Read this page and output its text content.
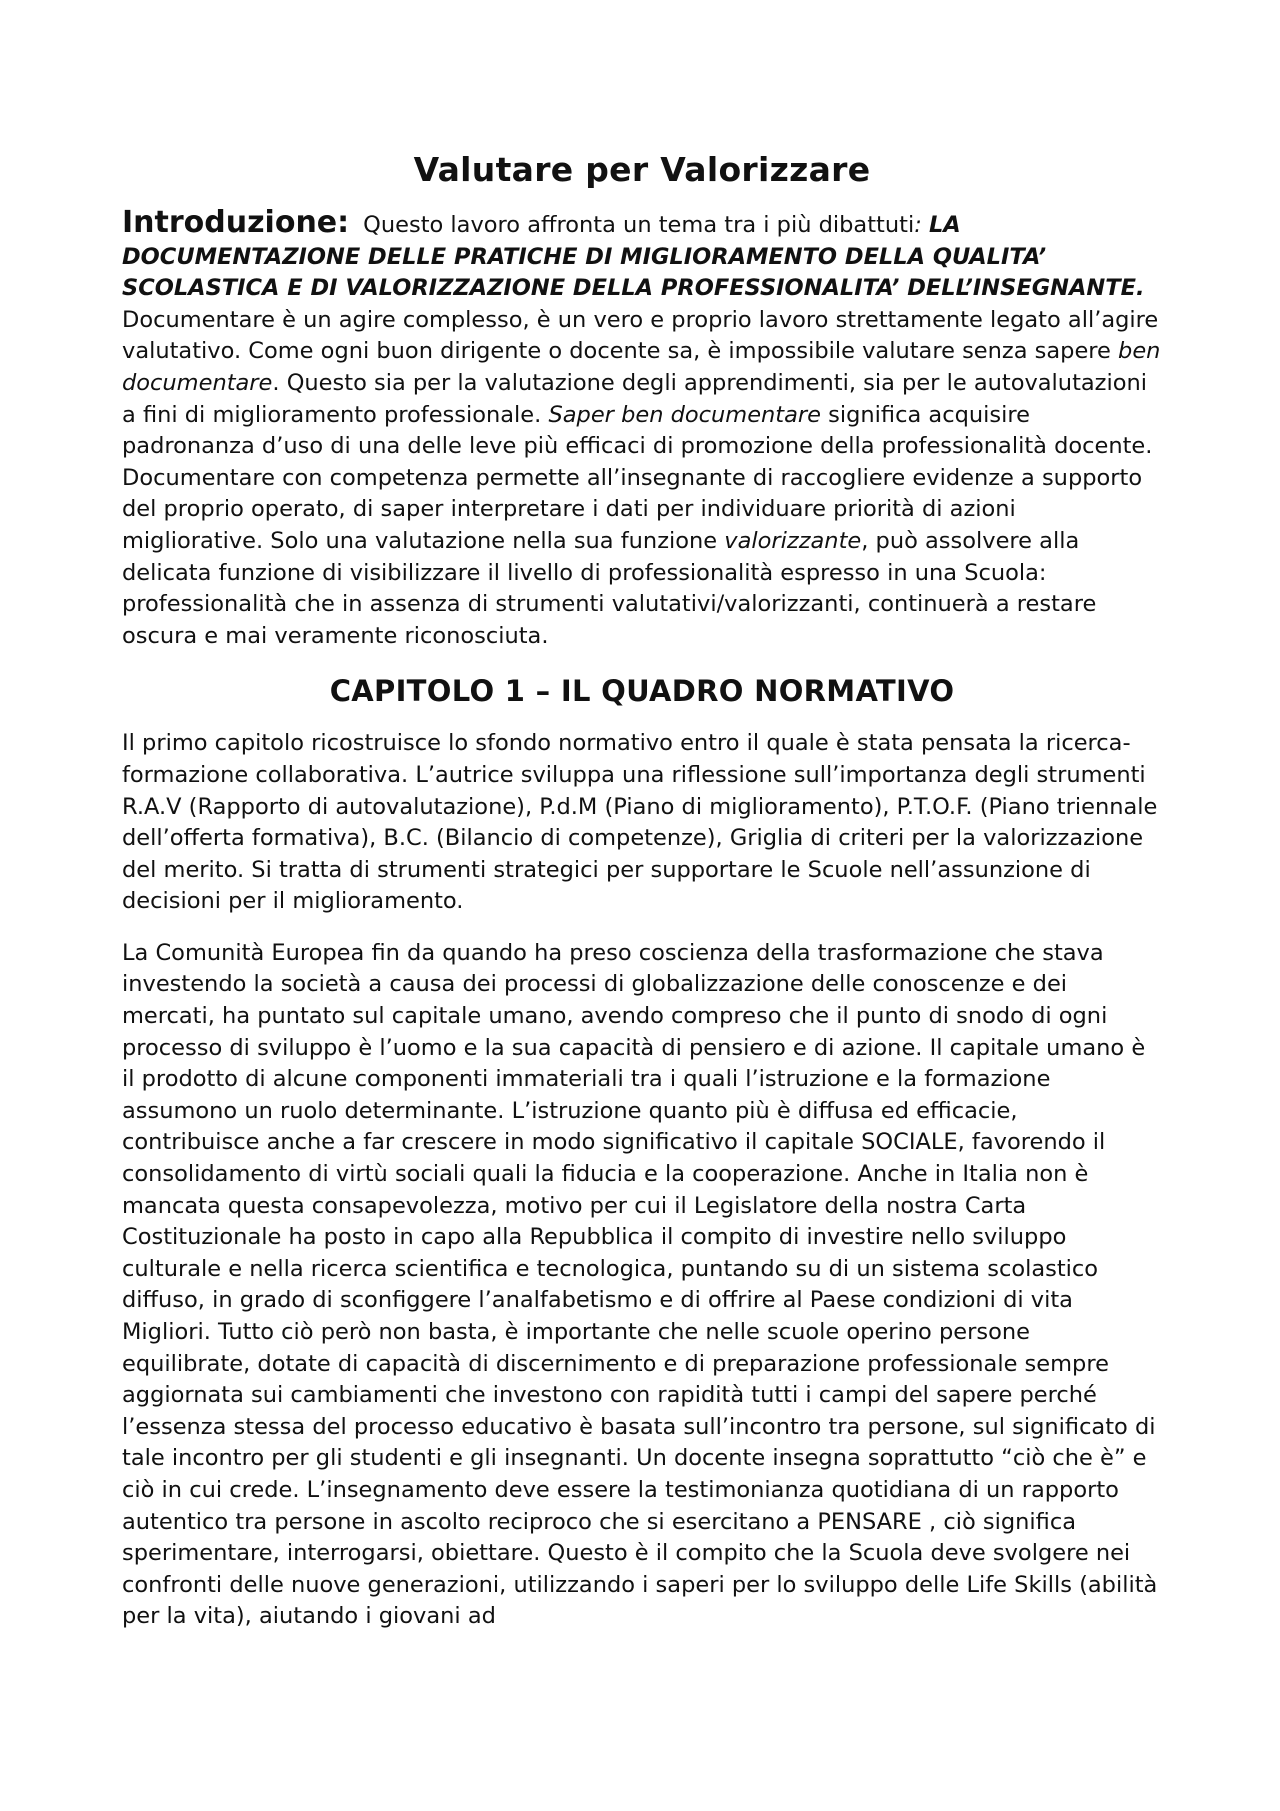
Valutare per Valorizzare

Introduzione: Questo lavoro affronta un tema tra i più dibattuti: LA DOCUMENTAZIONE DELLE PRATICHE DI MIGLIORAMENTO DELLA QUALITA’ SCOLASTICA E DI VALORIZZAZIONE DELLA PROFESSIONALITA’ DELL’INSEGNANTE. Documentare è un agire complesso, è un vero e proprio lavoro strettamente legato all’agire valutativo. Come ogni buon dirigente o docente sa, è impossibile valutare senza sapere ben documentare. Questo sia per la valutazione degli apprendimenti, sia per le autovalutazioni a fini di miglioramento professionale. Saper ben documentare significa acquisire padronanza d’uso di una delle leve più efficaci di promozione della professionalità docente. Documentare con competenza permette all’insegnante di raccogliere evidenze a supporto del proprio operato, di saper interpretare i dati per individuare priorità di azioni migliorative. Solo una valutazione nella sua funzione valorizzante, può assolvere alla delicata funzione di visibilizzare il livello di professionalità espresso in una Scuola: professionalità che in assenza di strumenti valutativi/valorizzanti, continuerà a restare oscura e mai veramente riconosciuta.

CAPITOLO 1 – IL QUADRO NORMATIVO

Il primo capitolo ricostruisce lo sfondo normativo entro il quale è stata pensata la ricerca-formazione collaborativa. L’autrice sviluppa una riflessione sull’importanza degli strumenti R.A.V (Rapporto di autovalutazione), P.d.M (Piano di miglioramento), P.T.O.F. (Piano triennale dell’offerta formativa), B.C. (Bilancio di competenze), Griglia di criteri per la valorizzazione del merito. Si tratta di strumenti strategici per supportare le Scuole nell’assunzione di decisioni per il miglioramento.

La Comunità Europea fin da quando ha preso coscienza della trasformazione che stava investendo la società a causa dei processi di globalizzazione delle conoscenze e dei mercati, ha puntato sul capitale umano, avendo compreso che il punto di snodo di ogni processo di sviluppo è l’uomo e la sua capacità di pensiero e di azione. Il capitale umano è il prodotto di alcune componenti immateriali tra i quali l’istruzione e la formazione assumono un ruolo determinante. L’istruzione quanto più è diffusa ed efficacie, contribuisce anche a far crescere in modo significativo il capitale SOCIALE, favorendo il consolidamento di virtù sociali quali la fiducia e la cooperazione. Anche in Italia non è mancata questa consapevolezza, motivo per cui il Legislatore della nostra Carta Costituzionale ha posto in capo alla Repubblica il compito di investire nello sviluppo culturale e nella ricerca scientifica e tecnologica, puntando su di un sistema scolastico diffuso, in grado di sconfiggere l’analfabetismo e di offrire al Paese condizioni di vita Migliori. Tutto ciò però non basta, è importante che nelle scuole operino persone equilibrate, dotate di capacità di discernimento e di preparazione professionale sempre aggiornata sui cambiamenti che investono con rapidità tutti i campi del sapere perché l’essenza stessa del processo educativo è basata sull’incontro tra persone, sul significato di tale incontro per gli studenti e gli insegnanti. Un docente insegna soprattutto “ciò che è” e ciò in cui crede. L’insegnamento deve essere la testimonianza quotidiana di un rapporto autentico tra persone in ascolto reciproco che si esercitano a PENSARE , ciò significa sperimentare, interrogarsi, obiettare. Questo è il compito che la Scuola deve svolgere nei confronti delle nuove generazioni, utilizzando i saperi per lo sviluppo delle Life Skills (abilità per la vita), aiutando i giovani ad
